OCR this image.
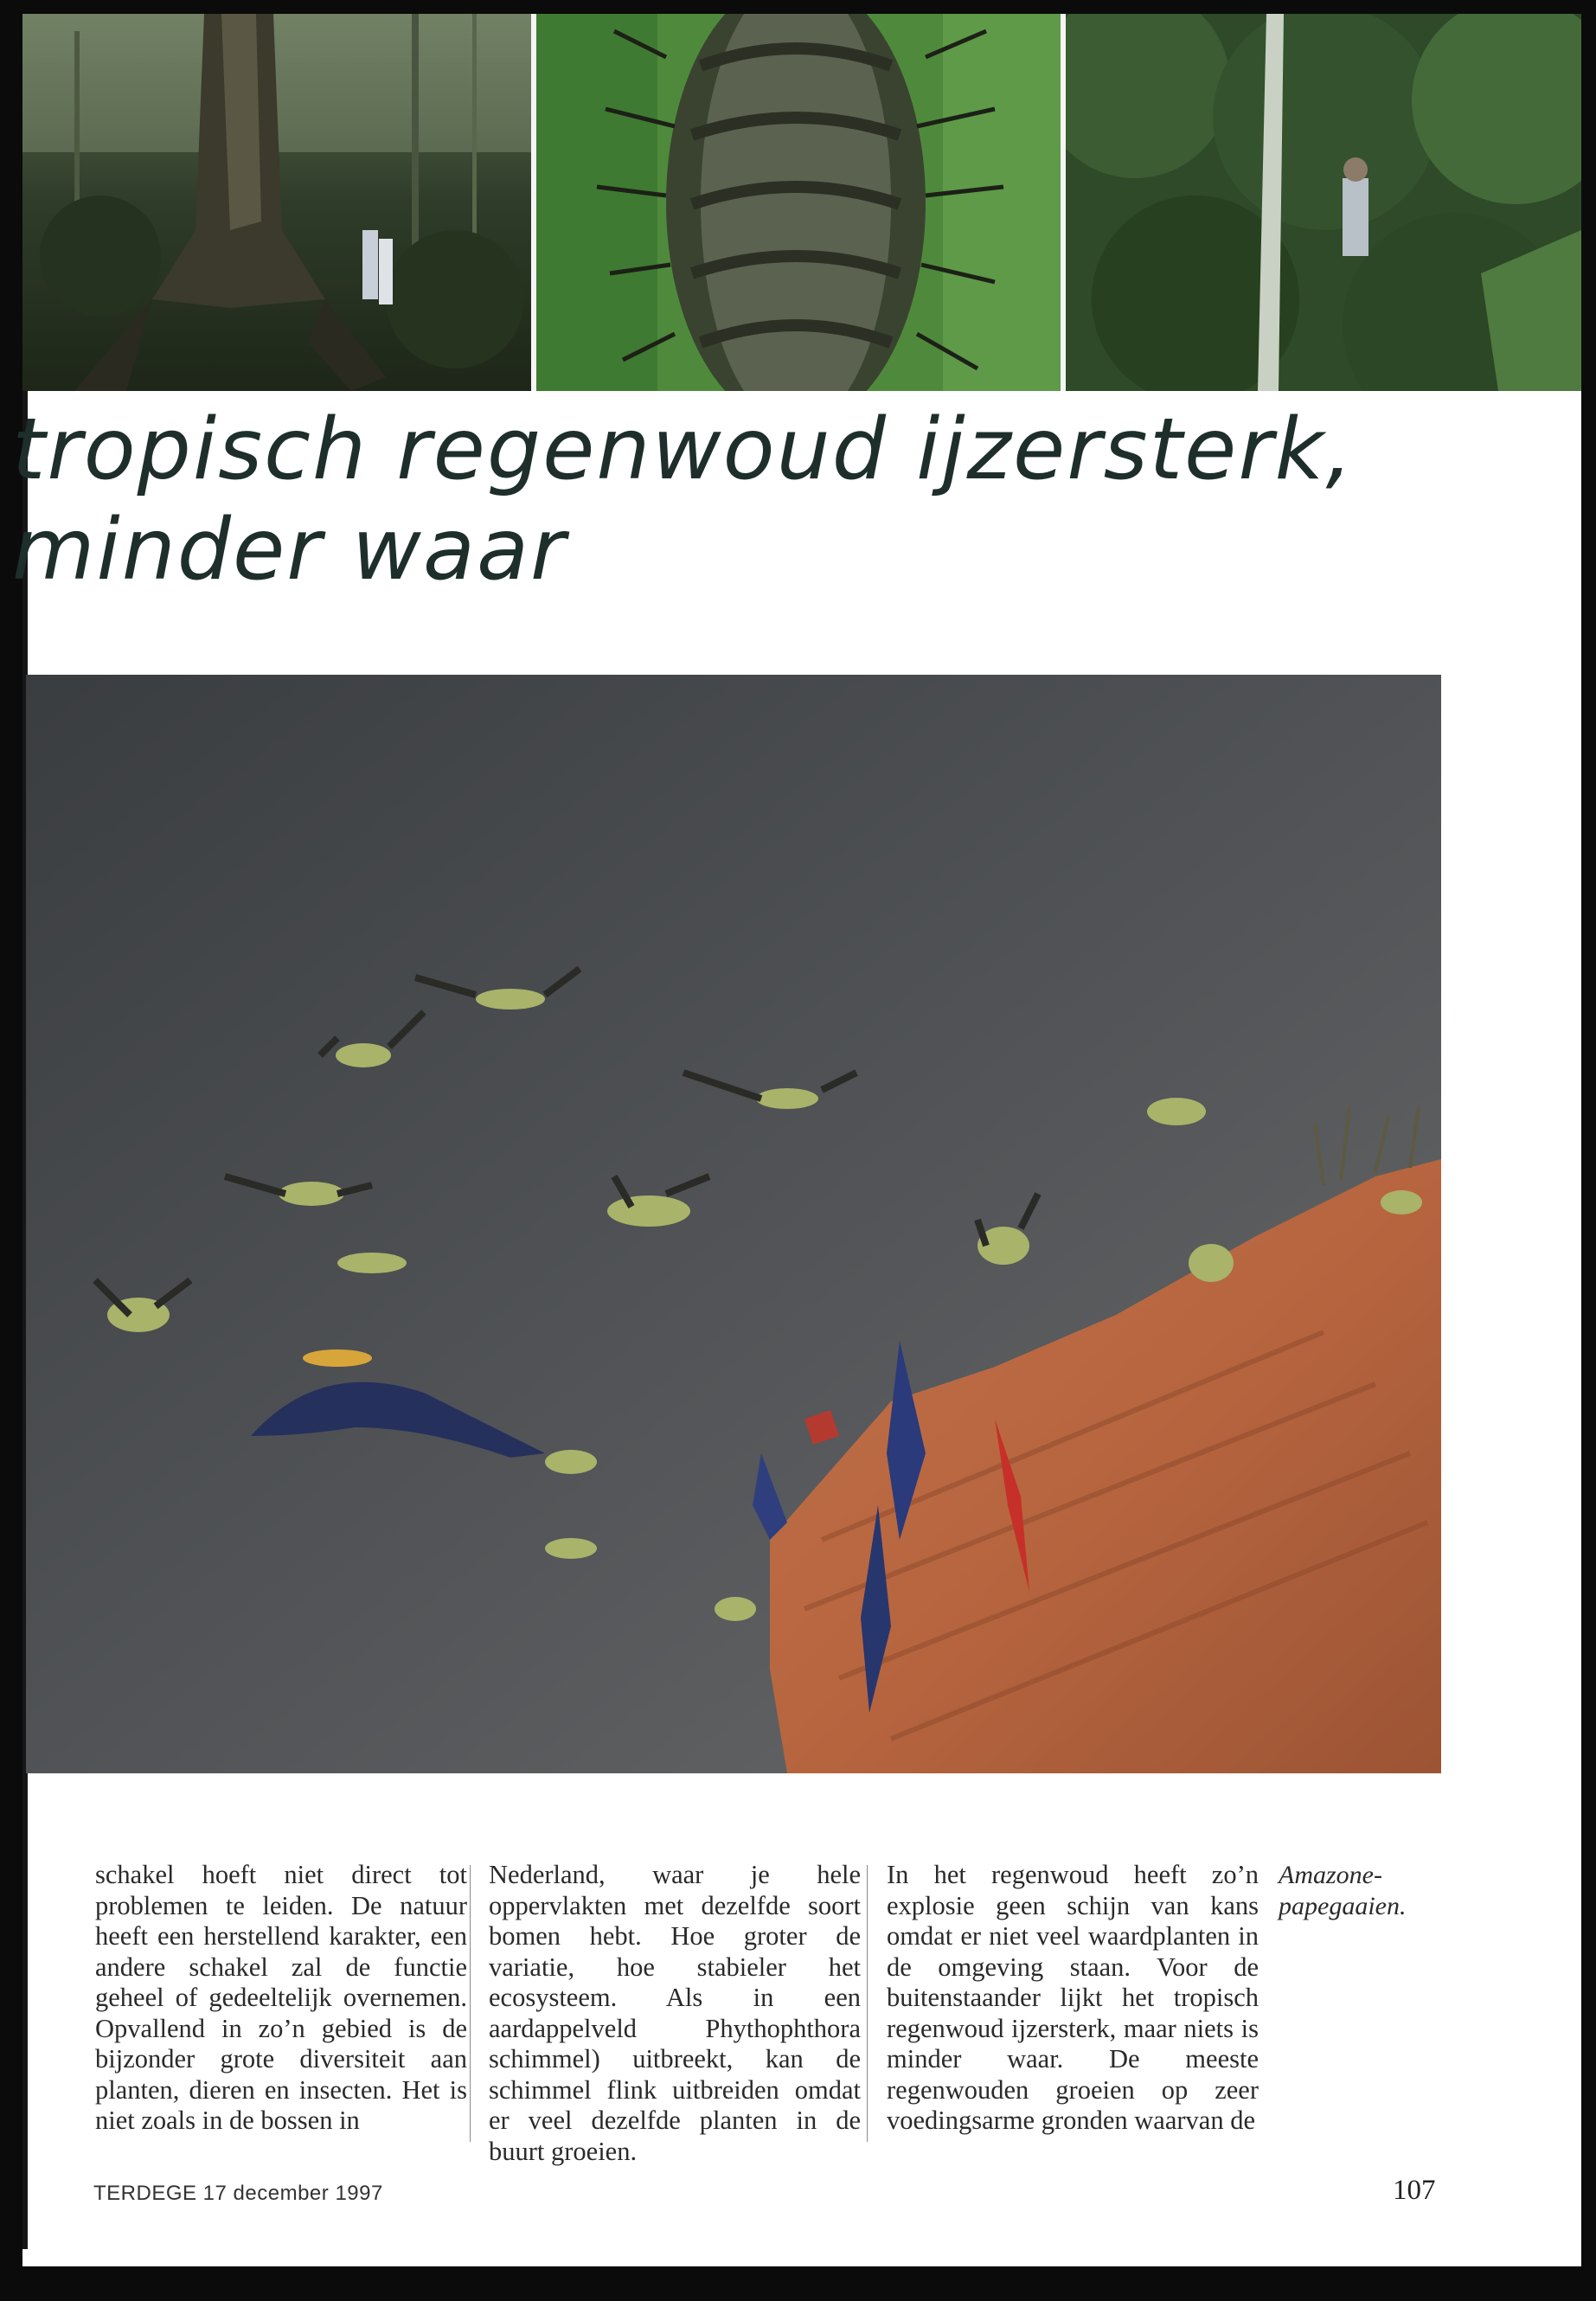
tropisch regenwoud ijzersterk,
minder waar

schakel hoeft niet direct tot problemen te leiden. De natuur heeft een herstellend karakter, een andere schakel zal de functie geheel of gedeeltelijk overnemen. Opvallend in zo’n gebied is de bijzonder grote diversiteit aan planten, dieren en insecten. Het is niet zoals in de bossen in

Nederland, waar je hele oppervlakten met dezelfde soort bomen hebt. Hoe groter de variatie, hoe stabieler het ecosysteem. Als in een aardappelveld Phythophthora schimmel) uitbreekt, kan de schimmel flink uitbreiden omdat er veel dezelfde planten in de buurt groeien.

In het regenwoud heeft zo’n explosie geen schijn van kans omdat er niet veel waardplanten in de omgeving staan. Voor de buitenstaander lijkt het tropisch regenwoud ijzersterk, maar niets is minder waar. De meeste regenwouden groeien op zeer voedingsarme gronden waarvan de

Amazone-papegaaien.

TERDEGE 17 december 1997	107
